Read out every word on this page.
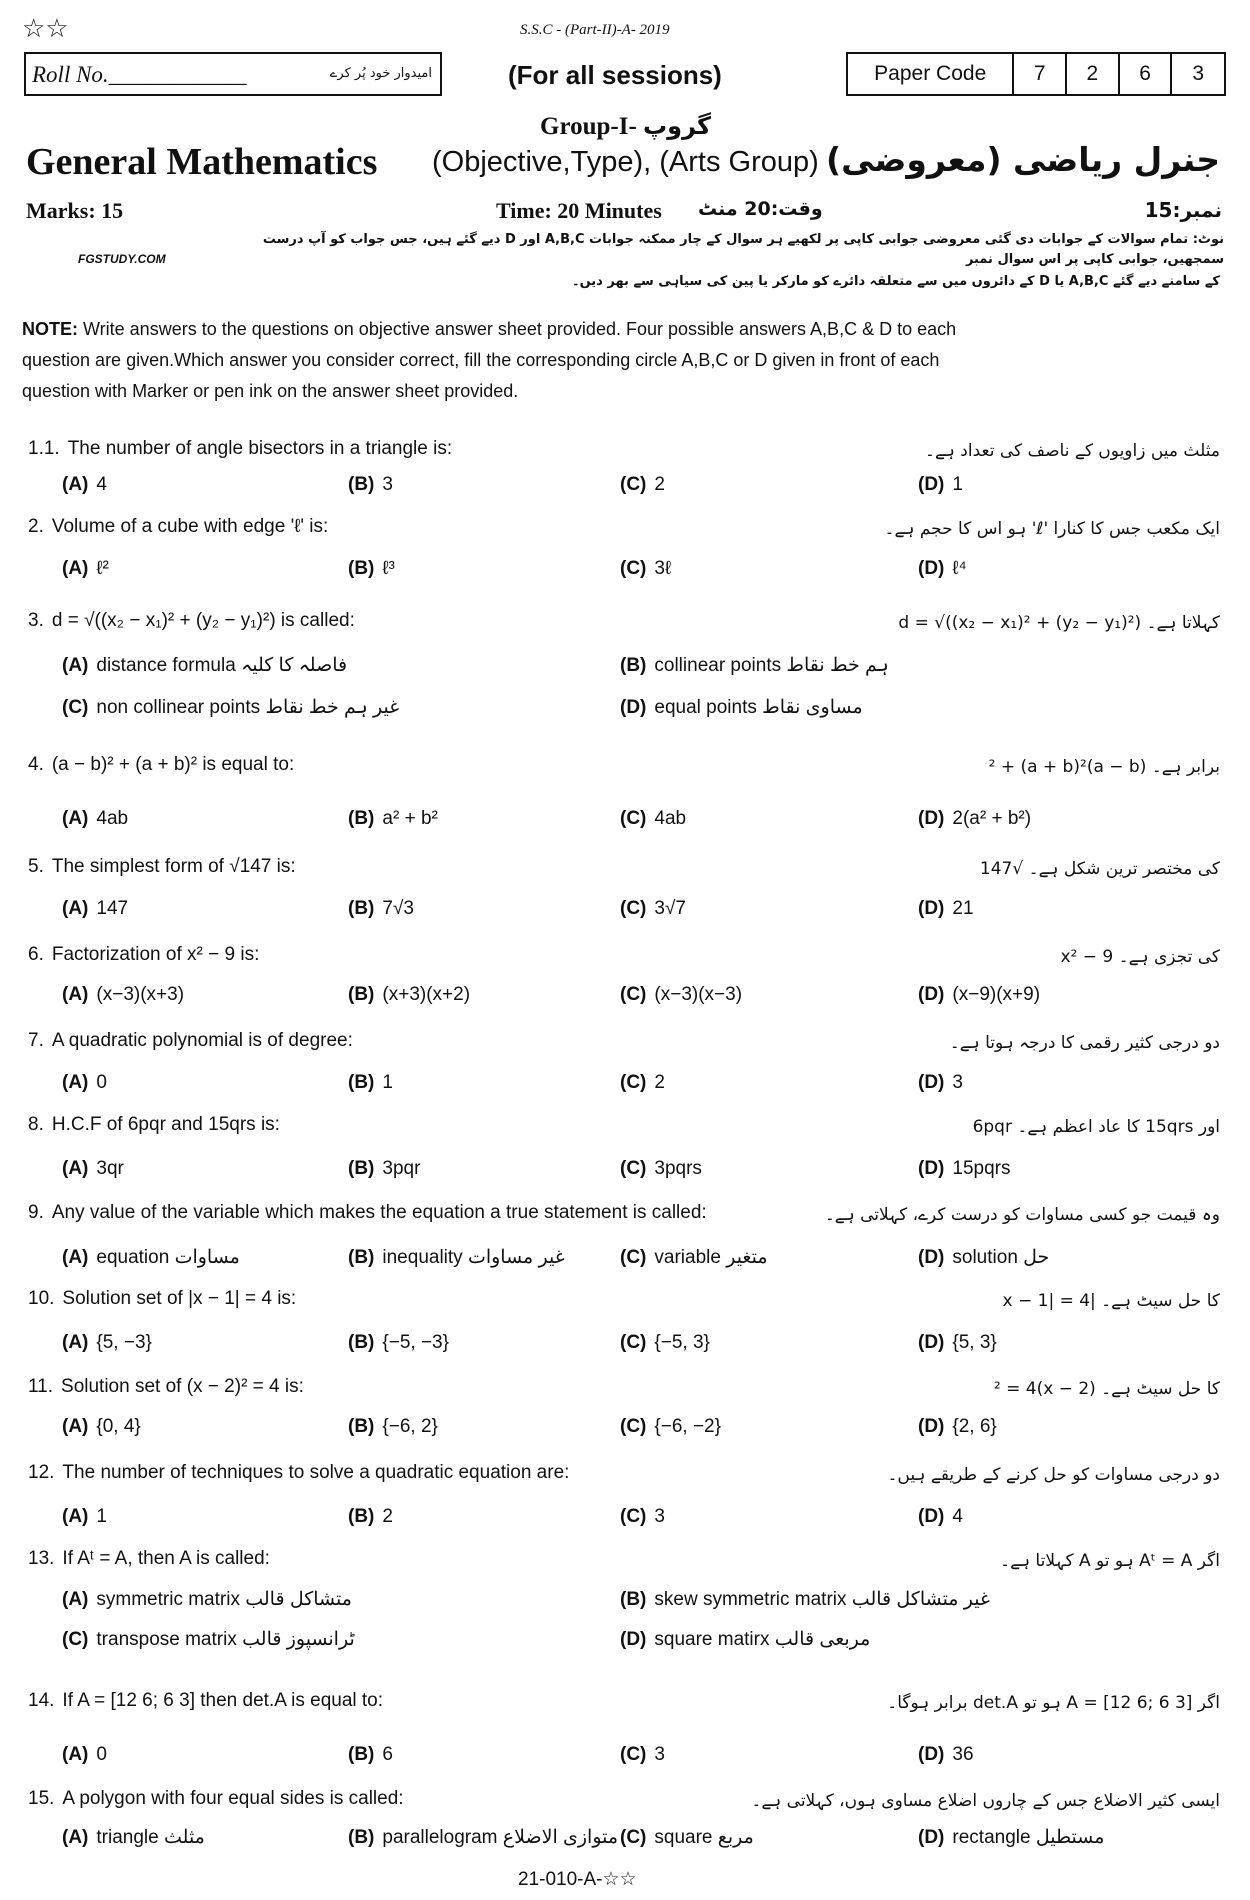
☆☆	S.S.C - (Part-II)-A- 2019
Roll No.____________	امیدوار خود پُر کرے	(For all sessions)	Paper Code	7	2	6	3
Group-I- گروپ
General Mathematics (Objective,Type), (Arts Group) جنرل ریاضی (معروضی)
Marks: 15	Time: 20 Minutes وقت:20 منٹ	نمبر:15
نوٹ: تمام سوالات کے جوابات دی گئی معروضی جوابی کاپی پر لکھیے ہر سوال کے چار ممکنہ جوابات A,B,C اور D دیے گئے ہیں، جس جواب کو آپ درست سمجھیں، جوابی کاپی پر اس سوال نمبر
کے سامنے دیے گئے A,B,C یا D کے دائروں میں سے متعلقہ دائرے کو مارکر یا پین کی سیاہی سے بھر دیں۔
FGSTUDY.COM
NOTE: Write answers to the questions on objective answer sheet provided. Four possible answers A,B,C & D to each
question are given.Which answer you consider correct, fill the corresponding circle A,B,C or D given in front of each
question with Marker or pen ink on the answer sheet provided.
1.1. The number of angle bisectors in a triangle is:	مثلث میں زاویوں کے ناصف کی تعداد ہے۔
(A) 4	(B) 3	(C) 2	(D) 1
2. Volume of a cube with edge 'ℓ' is:	ایک مکعب جس کا کنارا 'ℓ' ہو اس کا حجم ہے۔
(A) ℓ²	(B) ℓ³	(C) 3ℓ	(D) ℓ⁴
3. d = √((x₂ − x₁)² + (y₂ − y₁)²) is called:	کہلاتا ہے۔ d = √((x₂ − x₁)² + (y₂ − y₁)²)
(A) distance formula فاصلہ کا کلیہ	(B) collinear points ہم خط نقاط
(C) non collinear points غیر ہم خط نقاط	(D) equal points مساوی نقاط
4. (a − b)² + (a + b)² is equal to:	برابر ہے۔ (a − b)² + (a + b)²
(A) 4ab	(B) a² + b²	(C) 4ab	(D) 2(a² + b²)
5. The simplest form of √147 is:	کی مختصر ترین شکل ہے۔ √147
(A) 147	(B) 7√3	(C) 3√7	(D) 21
6. Factorization of x² − 9 is:	کی تجزی ہے۔ x² − 9
(A) (x−3)(x+3)	(B) (x+3)(x+2)	(C) (x−3)(x−3)	(D) (x−9)(x+9)
7. A quadratic polynomial is of degree:	دو درجی کثیر رقمی کا درجہ ہوتا ہے۔
(A) 0	(B) 1	(C) 2	(D) 3
8. H.C.F of 6pqr and 15qrs is:	اور 15qrs کا عاد اعظم ہے۔ 6pqr
(A) 3qr	(B) 3pqr	(C) 3pqrs	(D) 15pqrs
9. Any value of the variable which makes the equation a true statement is called:	وہ قیمت جو کسی مساوات کو درست کرے، کہلاتی ہے۔
(A) equation مساوات	(B) inequality غیر مساوات	(C) variable متغیر	(D) solution حل
10. Solution set of |x − 1| = 4 is:	کا حل سیٹ ہے۔ |x − 1| = 4
(A) {5, −3}	(B) {−5, −3}	(C) {−5, 3}	(D) {5, 3}
11. Solution set of (x − 2)² = 4 is:	کا حل سیٹ ہے۔ (x − 2)² = 4
(A) {0, 4}	(B) {−6, 2}	(C) {−6, −2}	(D) {2, 6}
12. The number of techniques to solve a quadratic equation are:	دو درجی مساوات کو حل کرنے کے طریقے ہیں۔
(A) 1	(B) 2	(C) 3	(D) 4
13. If Aᵗ = A, then A is called:	اگر Aᵗ = A ہو تو A کہلاتا ہے۔
(A) symmetric matrix متشاکل قالب	(B) skew symmetric matrix غیر متشاکل قالب
(C) transpose matrix ٹرانسپوز قالب	(D) square matirx مربعی قالب
14. If A = [12 6; 6 3] then det.A is equal to:	اگر A = [12 6; 6 3] ہو تو det.A برابر ہوگا۔
(A) 0	(B) 6	(C) 3	(D) 36
15. A polygon with four equal sides is called:	ایسی کثیر الاضلاع جس کے چاروں اضلاع مساوی ہوں، کہلاتی ہے۔
(A) triangle مثلث	(B) parallelogram متوازی الاضلاع (C) square مربع	(D) rectangle مستطیل
21-010-A-☆☆
